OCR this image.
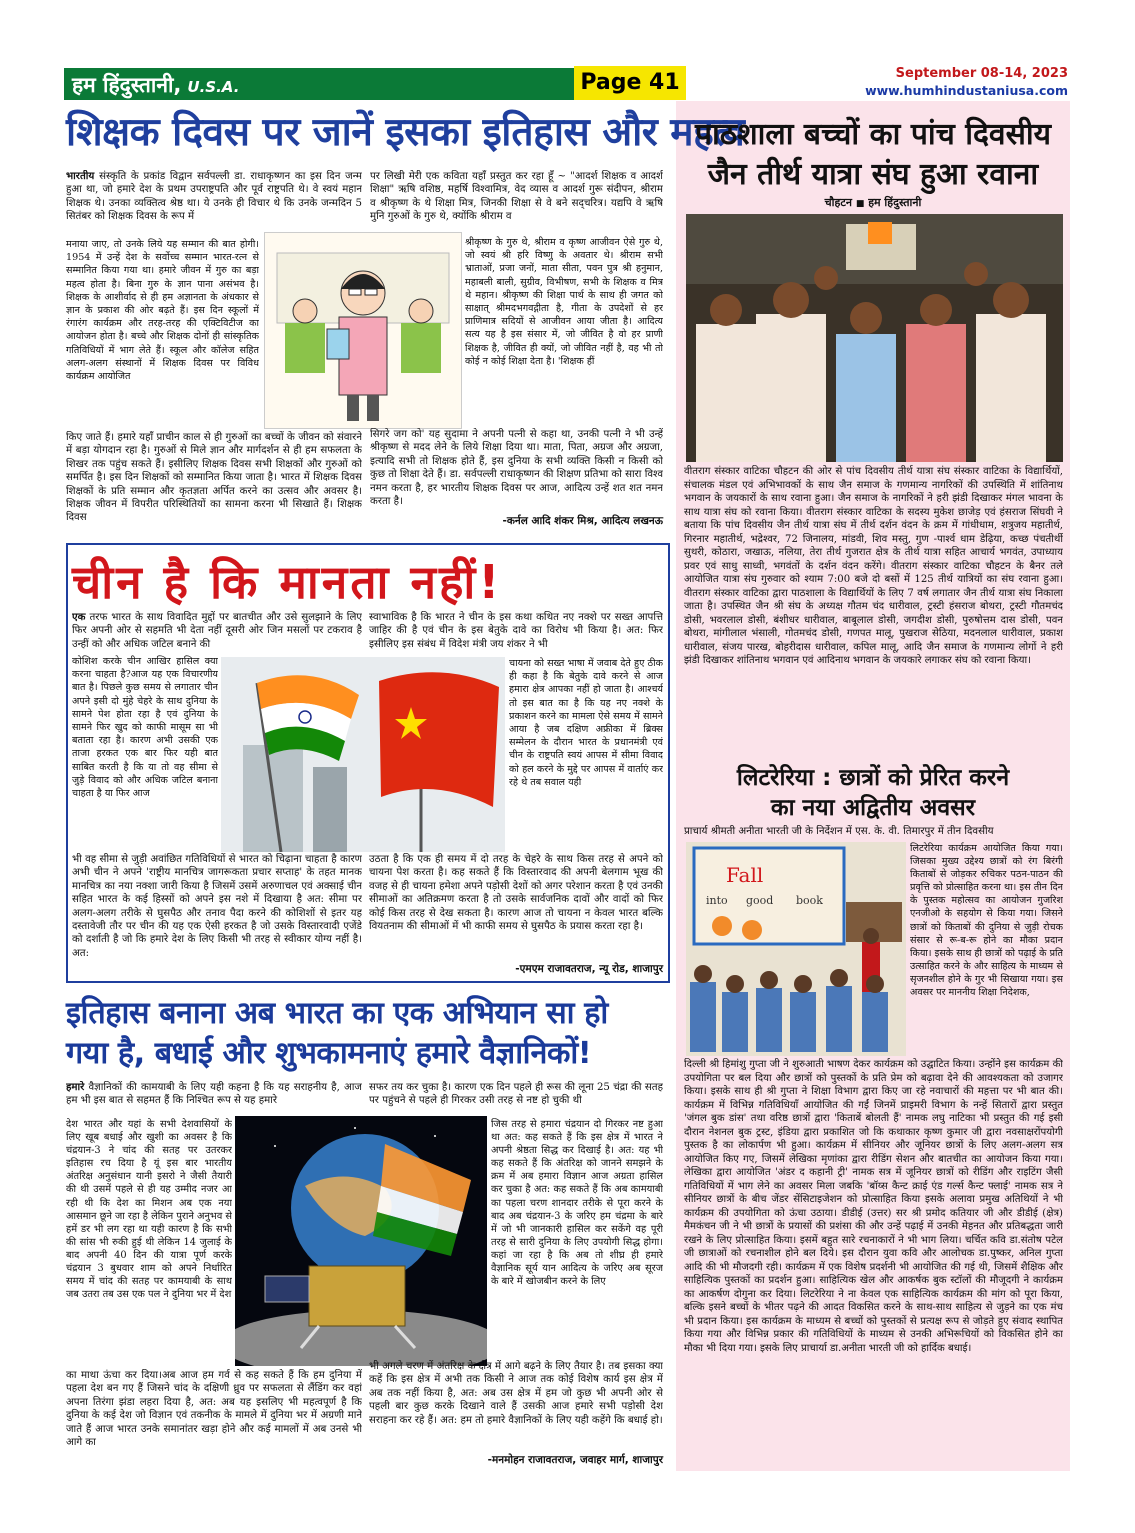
हम हिंदुस्तानी, U.S.A.	Page 41	September 08-14, 2023
www.humhindustaniusa.com
शिक्षक दिवस पर जानें इसका इतिहास और महत्व

भारतीय संस्कृति के प्रकांड विद्वान सर्वपल्ली डा. राधाकृष्णन का इस दिन जन्म हुआ था, जो हमारे देश के प्रथम उपराष्ट्रपति और पूर्व राष्ट्रपति थे। वे स्वयं महान शिक्षक थे। उनका व्यक्तित्व श्रेष्ठ था। ये उनके ही विचार थे कि उनके जन्मदिन 5 सितंबर को शिक्षक दिवस के रूप में

मनाया जाए, तो उनके लिये यह सम्मान की बात होगी।1954 में उन्हें देश के सर्वोच्च सम्मान भारत-रत्न से सम्मानित किया गया था। हमारे जीवन में गुरु का बड़ा महत्व होता है। बिना गुरु के ज्ञान पाना असंभव है। शिक्षक के आशीर्वाद से ही हम अज्ञानता के अंधकार से ज्ञान के प्रकाश की ओर बढ़ते हैं। इस दिन स्कूलों में रंगारंग कार्यक्रम और तरह-तरह की एक्टिविटीज का आयोजन होता है। बच्चे और शिक्षक दोनों ही सांस्कृतिक गतिविधियों में भाग लेते हैं। स्कूल और कॉलेज सहित अलग-अलग संस्थानों में शिक्षक दिवस पर विविध कार्यक्रम आयोजित

किए जाते हैं। हमारे यहाँ प्राचीन काल से ही गुरुओं का बच्चों के जीवन को संवारने में बड़ा योगदान रहा है। गुरुओं से मिले ज्ञान और मार्गदर्शन से ही हम सफलता के शिखर तक पहुंच सकते हैं। इसीलिए शिक्षक दिवस सभी शिक्षकों और गुरुओं को समर्पित है। इस दिन शिक्षकों को सम्मानित किया जाता है। भारत में शिक्षक दिवस शिक्षकों के प्रति सम्मान और कृतज्ञता अर्पित करने का उत्सव और अवसर है। शिक्षक जीवन में विपरीत परिस्थितियों का सामना करना भी सिखाते हैं। शिक्षक दिवस

पर लिखी मेरी एक कविता यहाँ प्रस्तुत कर रहा हूँ ~ "आदर्श शिक्षक व आदर्श शिक्षा" ऋषि वशिष्ठ, महर्षि विश्वामित्र, वेद व्यास व आदर्श गुरू संदीपन, श्रीराम व श्रीकृष्ण के थे शिक्षा मित्र, जिनकी शिक्षा से वे बने सद्चरित्र। यद्यपि वे ऋषि मुनि गुरुओं के गुरु थे, क्योंकि श्रीराम व

श्रीकृष्ण के गुरु थे, श्रीराम व कृष्ण आजीवन ऐसे गुरु थे, जो स्वयं श्री हरि विष्णु के अवतार थे। श्रीराम सभी भ्राताओं, प्रजा जनों, माता सीता, पवन पुत्र श्री हनुमान, महाबली बाली, सुग्रीव, विभीषण, सभी के शिक्षक व मित्र थे महान। श्रीकृष्ण की शिक्षा पार्थ के साथ ही जगत को साक्षात् श्रीमदभगवद्गीता है, गीता के उपदेशों से हर प्राणिमात्र सदियों से आजीवन आया जीता है। आदित्य सत्य यह है इस संसार में, जो जीवित है वो हर प्राणी शिक्षक है, जीवित ही क्यों, जो जीवित नहीं है, वह भी तो कोई न कोई शिक्षा देता है। 'शिक्षक हीं

सिगरे जग को' यह सुदामा ने अपनी पत्नी से कहा था, उनकी पत्नी ने भी उन्हें श्रीकृष्ण से मदद लेने के लिये शिक्षा दिया था। माता, पिता, अग्रज और अग्रजा, इत्यादि सभी तो शिक्षक होते हैं, इस दुनिया के सभी व्यक्ति किसी न किसी को कुछ तो शिक्षा देते हैं। डा. सर्वपल्ली राधाकृष्णन की शिक्षण प्रतिभा को सारा विश्व नमन करता है, हर भारतीय शिक्षक दिवस पर आज, आदित्य उन्हें शत शत नमन करता है।

-कर्नल आदि शंकर मिश्र, आदित्य लखनऊ
चीन है कि मानता नहीं!

एक तरफ भारत के साथ विवादित मुद्दों पर बातचीत और उसे सुलझाने के लिए फिर अपनी ओर से सहमति भी देता नहीं दूसरी ओर जिन मसलों पर टकराव है उन्हीं को और अधिक जटिल बनाने की

कोशिश करके चीन आखिर हासिल क्या करना चाहता है?आज यह एक विचारणीय बात है। पिछले कुछ समय से लगातार चीन अपने इसी दो मुंहे चेहरे के साथ दुनिया के सामने पेश होता रहा है एवं दुनिया के सामने फिर खुद को काफी मासूम सा भी बताता रहा है। कारण अभी उसकी एक ताजा हरकत एक बार फिर यही बात साबित करती है कि या तो वह सीमा से जुड़े विवाद को और अधिक जटिल बनाना चाहता है या फिर आज

स्वाभाविक है कि भारत ने चीन के इस कथा कथित नए नक्शे पर सख्त आपत्ति जाहिर की है एवं चीन के इस बेतुके दावे का विरोध भी किया है। अत: फिर इसीलिए इस संबंध में विदेश मंत्री जय शंकर ने भी

चायना को सख्त भाषा में जवाब देते हुए ठीक ही कहा है कि बेतुके दावे करने से आज हमारा क्षेत्र आपका नहीं हो जाता है। आश्चर्य तो इस बात का है कि यह नए नक्शे के प्रकाशन करने का मामला ऐसे समय में सामने आया है जब दक्षिण अफ्रीका में ब्रिक्स सम्मेलन के दौरान भारत के प्रधानमंत्री एवं चीन के राष्ट्रपति स्वयं आपस में सीमा विवाद को हल करने के मुद्दे पर आपस में वार्ताएं कर रहे थे तब सवाल यही

भी वह सीमा से जुड़ी अवांछित गतिविधियों से भारत को चिढ़ाना चाहता है कारण अभी चीन ने अपने 'राष्ट्रीय मानचित्र जागरूकता प्रचार सप्ताह' के तहत मानक मानचित्र का नया नक्शा जारी किया है जिसमें उसमें अरुणाचल एवं अक्साई चीन सहित भारत के कई हिस्सों को अपने इस नशे में दिखाया है अत: सीमा पर अलग-अलग तरीके से घुसपैठ और तनाव पैदा करने की कोशिशों से इतर यह दस्तावेजी तौर पर चीन की यह एक ऐसी हरकत है जो उसके विस्तारवादी एजेंडे को दर्शाती है जो कि हमारे देश के लिए किसी भी तरह से स्वीकार योग्य नहीं है। अत:

उठता है कि एक ही समय में दो तरह के चेहरे के साथ किस तरह से अपने को चायना पेश करता है। कह सकते हैं कि विस्तारवाद की अपनी बेलगाम भूख की वजह से ही चायना हमेशा अपने पड़ोसी देशों को अगर परेशान करता है एवं उनकी सीमाओं का अतिक्रमण करता है तो उसके सार्वजनिक दावों और वादों को फिर कोई किस तरह से देख सकता है। कारण आज तो चायना न केवल भारत बल्कि वियतनाम की सीमाओं में भी काफी समय से घुसपैठ के प्रयास करता रहा है।

-एमएम राजावतराज, न्यू रोड, शाजापुर
इतिहास बनाना अब भारत का एक अभियान सा हो
गया है, बधाई और शुभकामनाएं हमारे वैज्ञानिकों!

हमारे वैज्ञानिकों की कामयाबी के लिए यही कहना है कि यह सराहनीय है, आज हम भी इस बात से सहमत हैं कि निश्चित रूप से यह हमारे

देश भारत और यहां के सभी देशवासियों के लिए खूब बधाई और खुशी का अवसर है कि चंद्रयान-3 ने चांद की सतह पर उतरकर इतिहास रच दिया है यूं इस बार भारतीय अंतरिक्ष अनुसंधान यानी इसरो ने जैसी तैयारी की थी उसमें पहले से ही यह उम्मीद नजर आ रही थी कि देश का मिशन अब एक नया आसमान छूने जा रहा है लेकिन पुराने अनुभव से हमें डर भी लग रहा था यही कारण है कि सभी की सांस भी रुकी हुई थी लेकिन 14 जुलाई के बाद अपनी 40 दिन की यात्रा पूर्ण करके चंद्रयान 3 बुधवार शाम को अपने निर्धारित समय में चांद की सतह पर कामयाबी के साथ जब उतरा तब उस एक पल ने दुनिया भर में देश

का माथा ऊंचा कर दिया।अब आज हम गर्व से कह सकते हैं कि हम दुनिया में पहला देश बन गए हैं जिसने चांद के दक्षिणी ध्रुव पर सफलता से लैंडिंग कर वहां अपना तिरंगा झंडा लहरा दिया है, अत: अब यह इसलिए भी महत्वपूर्ण है कि दुनिया के कई देश जो विज्ञान एवं तकनीक के मामले में दुनिया भर में अग्रणी माने जाते हैं आज भारत उनके समानांतर खड़ा होने और कई मामलों में अब उनसे भी आगे का

सफर तय कर चुका है। कारण एक दिन पहले ही रूस की लूना 25 चंद्रा की सतह पर पहुंचने से पहले ही गिरकर उसी तरह से नष्ट हो चुकी थी

जिस तरह से हमारा चंद्रयान दो गिरकर नष्ट हुआ था अत: कह सकते हैं कि इस क्षेत्र में भारत ने अपनी श्रेष्ठता सिद्ध कर दिखाई है। अत: यह भी कह सकते हैं कि अंतरिक्ष को जानने समझने के क्रम में अब हमारा विज्ञान आज अग्रता हासिल कर चुका है अत: कह सकते हैं कि अब कामयाबी का पहला चरण शानदार तरीके से पूरा करने के बाद अब चंद्रयान-3 के जरिए हम चंद्रमा के बारे में जो भी जानकारी हासिल कर सकेंगे वह पूरी तरह से सारी दुनिया के लिए उपयोगी सिद्ध होगा। कहां जा रहा है कि अब तो शीघ्र ही हमारे वैज्ञानिक सूर्य यान आदित्य के जरिए अब सूरज के बारे में खोजबीन करने के लिए

भी अगले चरण में अंतरिक्ष के क्षेत्र में आगे बढ़ने के लिए तैयार है। तब इसका क्या कहें कि इस क्षेत्र में अभी तक किसी ने आज तक कोई विशेष कार्य इस क्षेत्र में अब तक नहीं किया है, अत: अब उस क्षेत्र में हम जो कुछ भी अपनी ओर से पहली बार कुछ करके दिखाने वाले हैं उसकी आज हमारे सभी पड़ोसी देश सराहना कर रहे हैं। अत: हम तो हमारे वैज्ञानिकों के लिए यही कहेंगे कि बधाई हो।

-मनमोहन राजावतराज, जवाहर मार्ग, शाजापुर
पाठशाला बच्चों का पांच दिवसीय
जैन तीर्थ यात्रा संघ हुआ रवाना
चौहटन ■ हम हिंदुस्तानी

वीतराग संस्कार वाटिका चौहटन की ओर से पांच दिवसीय तीर्थ यात्रा संघ संस्कार वाटिका के विद्यार्थियों, संचालक मंडल एवं अभिभावकों के साथ जैन समाज के गणमान्य नागरिकों की उपस्थिति में शांतिनाथ भगवान के जयकारों के साथ रवाना हुआ। जैन समाज के नागरिकों ने हरी झंडी दिखाकर मंगल भावना के साथ यात्रा संघ को रवाना किया। वीतराग संस्कार वाटिका के सदस्य मुकेश छाजेड़ एवं हंसराज सिंघवी ने बताया कि पांच दिवसीय जैन तीर्थ यात्रा संघ में तीर्थ दर्शन वंदन के क्रम में गांधीधाम, शत्रुजय महातीर्थ, गिरनार महातीर्थ, भद्रेश्वर, 72 जिनालय, मांडवी, शिव मस्तु, गुण -पार्श्व धाम डेढ़िया, कच्छ पंचतीर्थी सुथरी, कोठारा, जखाऊ, नलिया, तेरा तीर्थ गुजरात क्षेत्र के तीर्थ यात्रा सहित आचार्य भगवंत, उपाध्याय प्रवर एवं साधु साध्वी, भगवंतों के दर्शन वंदन करेंगे। वीतराग संस्कार वाटिका चौहटन के बैनर तले आयोजित यात्रा संघ गुरुवार को श्याम 7:00 बजे दो बसों में 125 तीर्थ यात्रियों का संघ रवाना हुआ। वीतराग संस्कार वाटिका द्वारा पाठशाला के विद्यार्थियों के लिए 7 वर्ष लगातार जैन तीर्थ यात्रा संघ निकाला जाता है। उपस्थित जैन श्री संघ के अध्यक्ष गौतम चंद धारीवाल, ट्रस्टी हंसराज बोथरा, ट्रस्टी गौतमचंद डोसी, भवरलाल डोसी, बंशीधर धारीवाल, बाबूलाल डोसी, जगदीश डोसी, पुरुषोत्तम दास डोसी, पवन बोथरा, मांगीलाल भंसाली, गोतमचंद डोसी, गणपत मालू, पुखराज सेठिया, मदनलाल धारीवाल, प्रकाश धारीवाल, संजय पारख, बोहरीदास धारीवाल, कपिल मालू, आदि जैन समाज के गणमान्य लोगों ने हरी झंडी दिखाकर शांतिनाथ भगवान एवं आदिनाथ भगवान के जयकारे लगाकर संघ को रवाना किया।

लिटरेरिया : छात्रों को प्रेरित करने
का नया अद्वितीय अवसर

प्राचार्य श्रीमती अनीता भारती जी के निर्देशन में एस. के. वी. तिमारपुर में तीन दिवसीय

Fall
into good book

लिटरेरिया कार्यक्रम आयोजित किया गया। जिसका मुख्य उद्देश्य छात्रों को रंग बिरंगी किताबों से जोड़कर रुचिकर पठन-पाठन की प्रवृत्ति को प्रोत्साहित करना था। इस तीन दिन के पुस्तक महोत्सव का आयोजन गुजरिश एनजीओ के सहयोग से किया गया। जिसने छात्रों को किताबों की दुनिया से जुड़ी रोचक संसार से रू-ब-रू होने का मौका प्रदान किया। इसके साथ ही छात्रों को पढ़ाई के प्रति उत्साहित करने के और साहित्य के माध्यम से सृजनशील होने के गुर भी सिखाया गया। इस अवसर पर माननीय शिक्षा निदेशक,

दिल्ली श्री हिमांशु गुप्ता जी ने शुरुआती भाषण देकर कार्यक्रम को उद्घाटित किया। उन्होंने इस कार्यक्रम की उपयोगिता पर बल दिया और छात्रों को पुस्तकों के प्रति प्रेम को बढ़ावा देने की आवश्यकता को उजागर किया। इसके साथ ही श्री गुप्ता ने शिक्षा विभाग द्वारा किए जा रहे नवाचारों की महत्ता पर भी बात की। कार्यक्रम में विभिन्न गतिविधियाँ आयोजित की गईं जिनमें प्राइमरी विभाग के नन्हें सितारों द्वारा प्रस्तुत 'जंगल बुक डांस' तथा वरिष्ठ छात्रों द्वारा 'किताबें बोलती हैं' नामक लघु नाटिका भी प्रस्तुत की गई इसी दौरान नेशनल बुक ट्रस्ट, इंडिया द्वारा प्रकाशित जो कि कथाकार कृष्ण कुमार जी द्वारा नवसाक्षरोंपयोगी पुस्तक है का लोकार्पण भी हुआ। कार्यक्रम में सीनियर और जूनियर छात्रों के लिए अलग-अलग सत्र आयोजित किए गए, जिसमें लेखिका मृणांका द्वारा रीडिंग सेशन और बातचीत का आयोजन किया गया। लेखिका द्वारा आयोजित 'अंडर द कहानी ट्री' नामक सत्र में जूनियर छात्रों को रीडिंग और राइटिंग जैसी गतिविधियों में भाग लेने का अवसर मिला जबकि 'बॉय्स कैन्ट क्राई एंड गर्ल्स कैन्ट फ्लाई' नामक सत्र ने सीनियर छात्रों के बीच जेंडर सेंसिटाइजेशन को प्रोत्साहित किया इसके अलावा प्रमुख अतिथियों ने भी कार्यक्रम की उपयोगिता को ऊंचा उठाया। डीडीई (उत्तर) सर श्री प्रमोद कतियार जी और डीडीई (क्षेत्र) मैमकंचन जी ने भी छात्रों के प्रयासों की प्रशंसा की और उन्हें पढ़ाई में उनकी मेहनत और प्रतिबद्धता जारी रखने के लिए प्रोत्साहित किया। इसमें बहुत सारे रचनाकारों ने भी भाग लिया। चर्चित कवि डा.संतोष पटेल जी छात्राओं को रचनाशील होने बल दिये। इस दौरान युवा कवि और आलोचक डा.पुष्कर, अनिल गुप्ता आदि की भी मौजदगी रही। कार्यक्रम में एक विशेष प्रदर्शनी भी आयोजित की गई थी, जिसमें शैक्षिक और साहित्यिक पुस्तकों का प्रदर्शन हुआ। साहित्यिक खेल और आकर्षक बुक स्टॉलों की मौजूदगी ने कार्यक्रम का आकर्षण दोगुना कर दिया। लिटरेरिया ने ना केवल एक साहित्यिक कार्यक्रम की मांग को पूरा किया, बल्कि इसने बच्चों के भीतर पढ़ने की आदत विकसित करने के साथ-साथ साहित्य से जुड़ने का एक मंच भी प्रदान किया। इस कार्यक्रम के माध्यम से बच्चों को पुस्तकों से प्रत्यक्ष रूप से जोड़ते हुए संवाद स्थापित किया गया और विभिन्न प्रकार की गतिविधियों के माध्यम से उनकी अभिरूचियों को विकसित होने का मौका भी दिया गया। इसके लिए प्राचार्या डा.अनीता भारती जी को हार्दिक बधाई।
